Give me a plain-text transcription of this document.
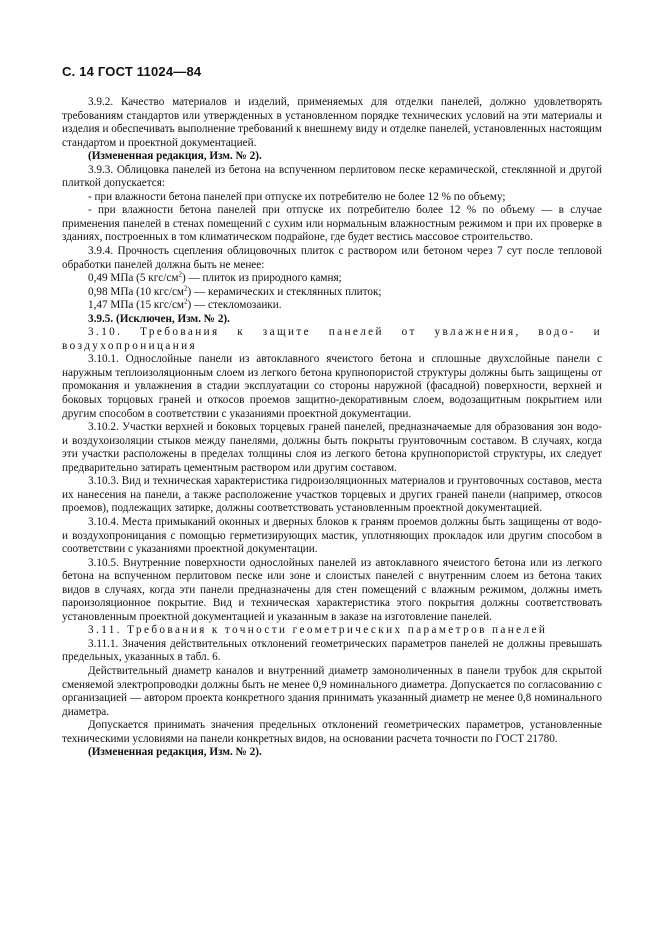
С. 14 ГОСТ 11024—84

3.9.2. Качество материалов и изделий, применяемых для отделки панелей, должно удовлетворять требованиям стандартов или утвержденных в установленном порядке технических условий на эти материалы и изделия и обеспечивать выполнение требований к внешнему виду и отделке панелей, установленных настоящим стандартом и проектной документацией.

(Измененная редакция, Изм. № 2).

3.9.3. Облицовка панелей из бетона на вспученном перлитовом песке керамической, стеклянной и другой плиткой допускается:

- при влажности бетона панелей при отпуске их потребителю не более 12 % по объему;

- при влажности бетона панелей при отпуске их потребителю более 12 % по объему — в случае применения панелей в стенах помещений с сухим или нормальным влажностным режимом и при их проверке в зданиях, построенных в том климатическом подрайоне, где будет вестись массовое строительство.

3.9.4. Прочность сцепления облицовочных плиток с раствором или бетоном через 7 сут после тепловой обработки панелей должна быть не менее:

0,49 МПа (5 кгс/$см^2$) — плиток из природного камня;

0,98 МПа (10 кгс/$см^2$) — керамических и стеклянных плиток;

1,47 МПа (15 кгс/$см^2$) — стекломозаики.

3.9.5. (Исключен, Изм. № 2).

3.10. Требования к защите панелей от увлажнения, водо- и воздухопроницания

3.10.1. Однослойные панели из автоклавного ячеистого бетона и сплошные двухслойные панели с наружным теплоизоляционным слоем из легкого бетона крупнопористой структуры должны быть защищены от промокания и увлажнения в стадии эксплуатации со стороны наружной (фасадной) поверхности, верхней и боковых торцовых граней и откосов проемов защитно-декоративным слоем, водозащитным покрытием или другим способом в соответствии с указаниями проектной документации.

3.10.2. Участки верхней и боковых торцевых граней панелей, предназначаемые для образования зон водо- и воздухоизоляции стыков между панелями, должны быть покрыты грунтовочным составом. В случаях, когда эти участки расположены в пределах толщины слоя из легкого бетона крупнопористой структуры, их следует предварительно затирать цементным раствором или другим составом.

3.10.3. Вид и техническая характеристика гидроизоляционных материалов и грунтовочных составов, места их нанесения на панели, а также расположение участков торцевых и других граней панели (например, откосов проемов), подлежащих затирке, должны соответствовать установленным проектной документацией.

3.10.4. Места примыканий оконных и дверных блоков к граням проемов должны быть защищены от водо- и воздухопроницания с помощью герметизирующих мастик, уплотняющих прокладок или другим способом в соответствии с указаниями проектной документации.

3.10.5. Внутренние поверхности однослойных панелей из автоклавного ячеистого бетона или из легкого бетона на вспученном перлитовом песке или зоне и слоистых панелей с внутренним слоем из бетона таких видов в случаях, когда эти панели предназначены для стен помещений с влажным режимом, должны иметь пароизоляционное покрытие. Вид и техническая характеристика этого покрытия должны соответствовать установленным проектной документацией и указанным в заказе на изготовление панелей.

3.11. Требования к точности геометрических параметров панелей

3.11.1. Значения действительных отклонений геометрических параметров панелей не должны превышать предельных, указанных в табл. 6.

Действительный диаметр каналов и внутренний диаметр замоноличенных в панели трубок для скрытой сменяемой электропроводки должны быть не менее 0,9 номинального диаметра. Допускается по согласованию с организацией — автором проекта конкретного здания принимать указанный диаметр не менее 0,8 номинального диаметра.

Допускается принимать значения предельных отклонений геометрических параметров, установленные техническими условиями на панели конкретных видов, на основании расчета точности по ГОСТ 21780.

(Измененная редакция, Изм. № 2).
